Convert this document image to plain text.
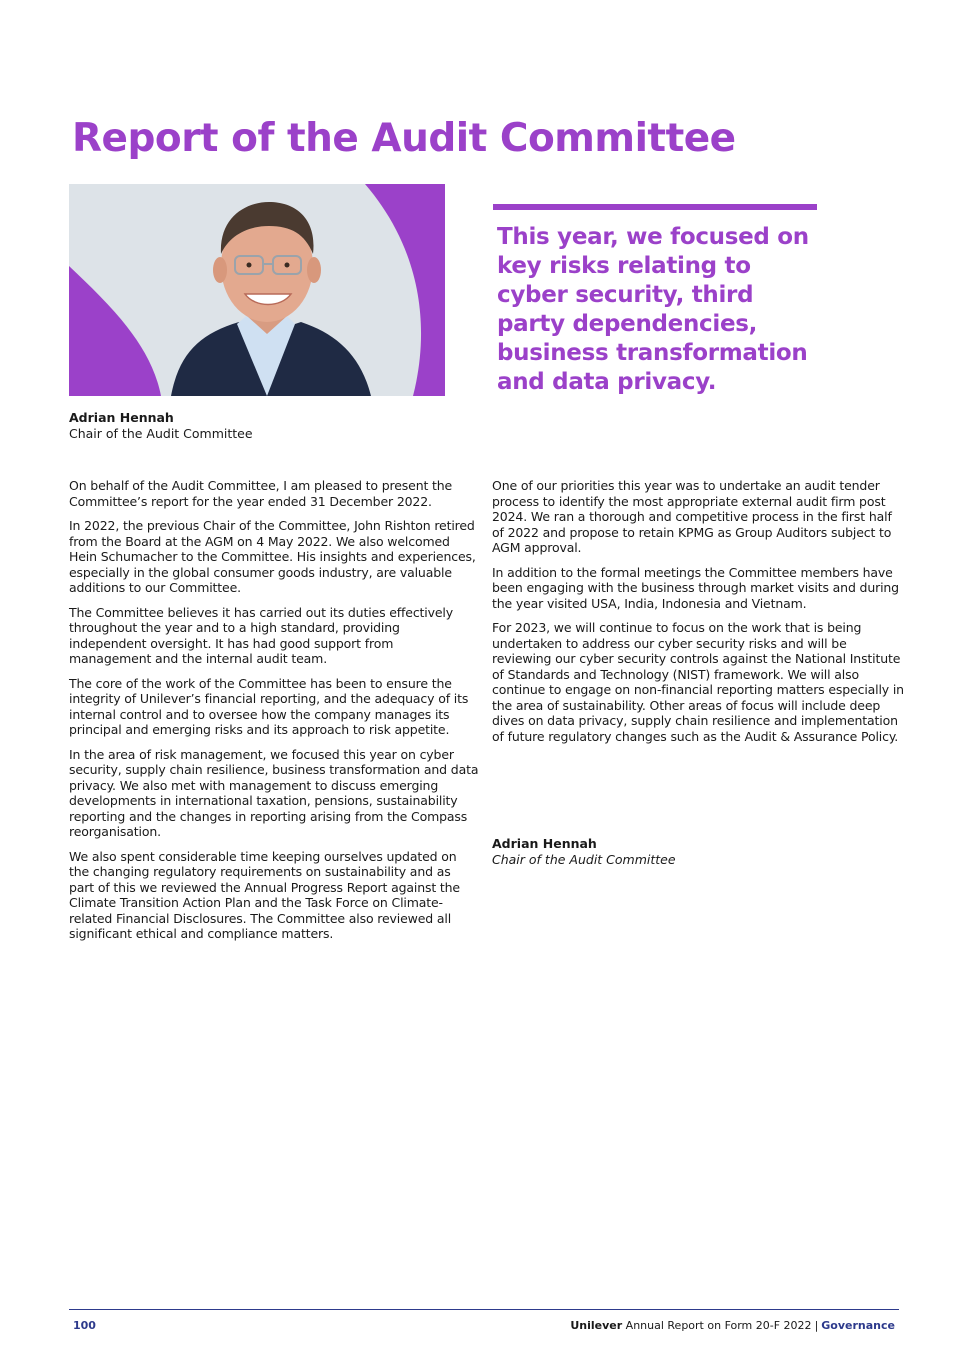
Report of the Audit Committee
Adrian Hennah
Chair of the Audit Committee

This year, we focused on key risks relating to cyber security, third party dependencies, business transformation and data privacy.

On behalf of the Audit Committee, I am pleased to present the Committee’s report for the year ended 31 December 2022.

In 2022, the previous Chair of the Committee, John Rishton retired from the Board at the AGM on 4 May 2022. We also welcomed Hein Schumacher to the Committee. His insights and experiences, especially in the global consumer goods industry, are valuable additions to our Committee.

The Committee believes it has carried out its duties effectively throughout the year and to a high standard, providing independent oversight. It has had good support from management and the internal audit team.

The core of the work of the Committee has been to ensure the integrity of Unilever’s financial reporting, and the adequacy of its internal control and to oversee how the company manages its principal and emerging risks and its approach to risk appetite.

In the area of risk management, we focused this year on cyber security, supply chain resilience, business transformation and data privacy. We also met with management to discuss emerging developments in international taxation, pensions, sustainability reporting and the changes in reporting arising from the Compass reorganisation.

We also spent considerable time keeping ourselves updated on the changing regulatory requirements on sustainability and as part of this we reviewed the Annual Progress Report against the Climate Transition Action Plan and the Task Force on Climate-related Financial Disclosures. The Committee also reviewed all significant ethical and compliance matters.

One of our priorities this year was to undertake an audit tender process to identify the most appropriate external audit firm post 2024. We ran a thorough and competitive process in the first half of 2022 and propose to retain KPMG as Group Auditors subject to AGM approval.

In addition to the formal meetings the Committee members have been engaging with the business through market visits and during the year visited USA, India, Indonesia and Vietnam.

For 2023, we will continue to focus on the work that is being undertaken to address our cyber security risks and will be reviewing our cyber security controls against the National Institute of Standards and Technology (NIST) framework. We will also continue to engage on non-financial reporting matters especially in the area of sustainability. Other areas of focus will include deep dives on data privacy, supply chain resilience and implementation of future regulatory changes such as the Audit & Assurance Policy.

Adrian Hennah
Chair of the Audit Committee
100	Unilever Annual Report on Form 20-F 2022 | Governance
